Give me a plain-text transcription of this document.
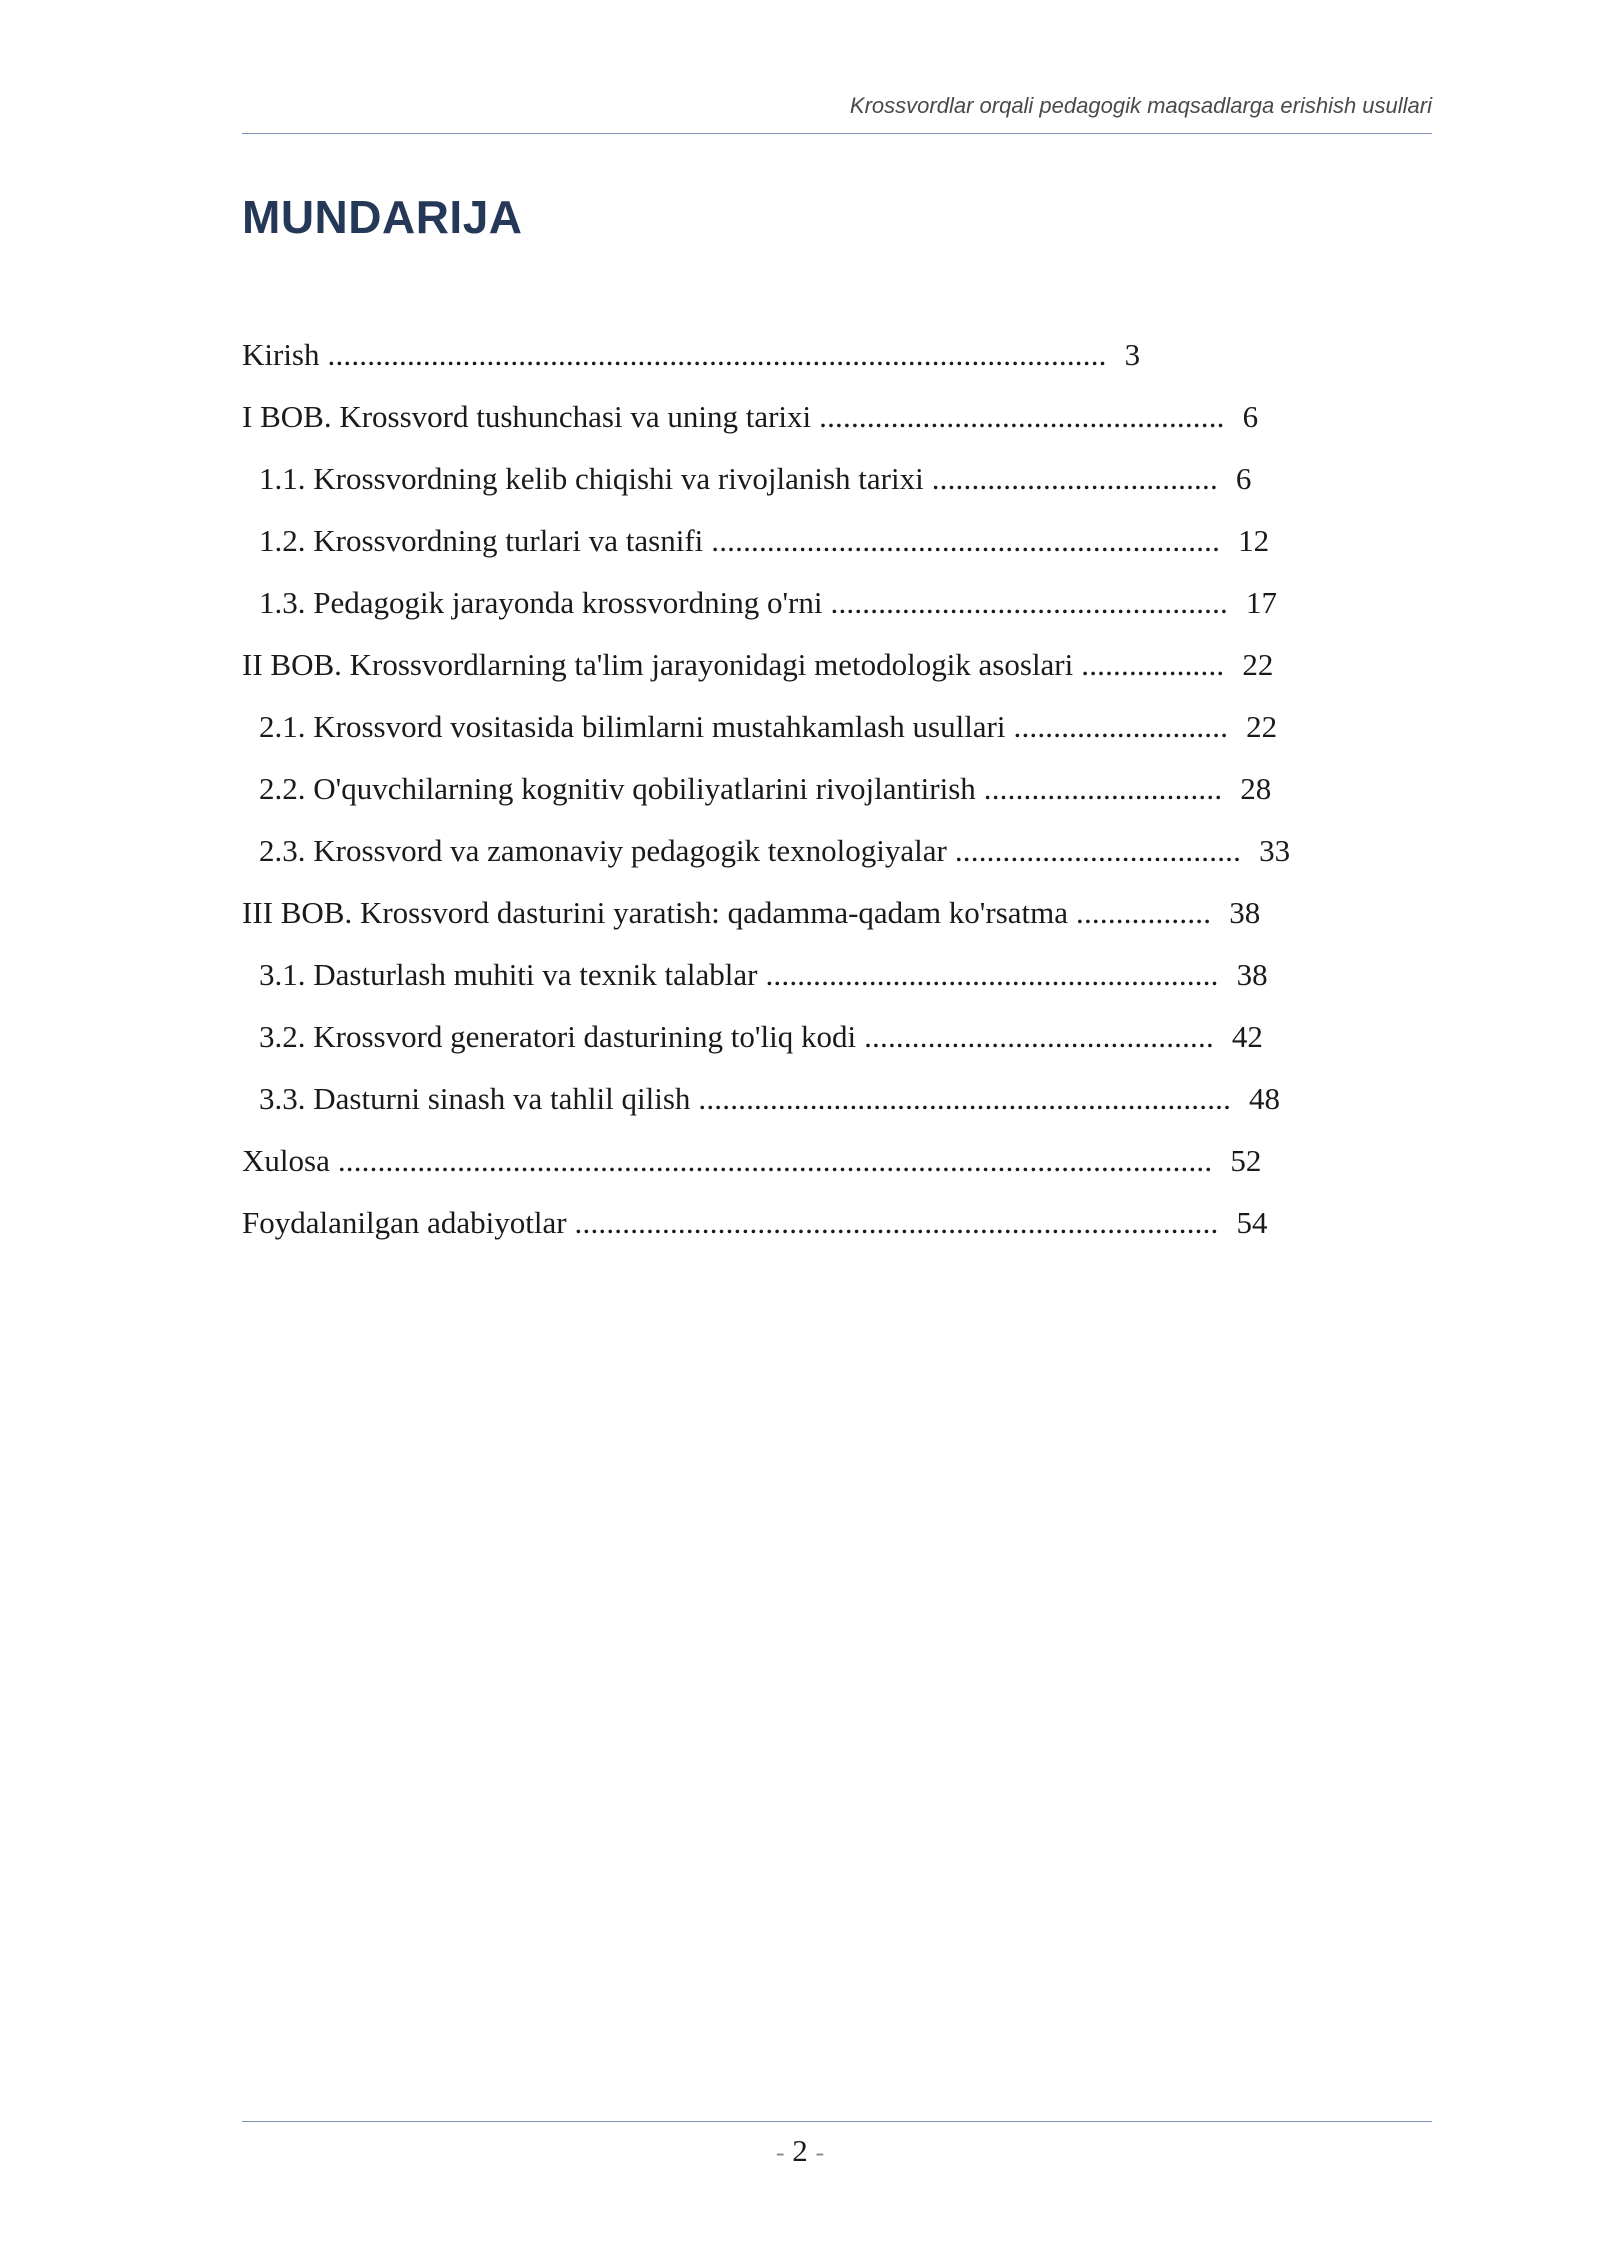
Krossvordlar orqali pedagogik maqsadlarga erishish usullari
MUNDARIJA
Kirish .................................................................................................. 3
I BOB. Krossvord tushunchasi va uning tarixi ................................................... 6
1.1. Krossvordning kelib chiqishi va rivojlanish tarixi .................................... 6
1.2. Krossvordning turlari va tasnifi ................................................................ 12
1.3. Pedagogik jarayonda krossvordning o'rni .................................................. 17
II BOB. Krossvordlarning ta'lim jarayonidagi metodologik asoslari .................. 22
2.1. Krossvord vositasida bilimlarni mustahkamlash usullari ........................... 22
2.2. O'quvchilarning kognitiv qobiliyatlarini rivojlantirish .............................. 28
2.3. Krossvord va zamonaviy pedagogik texnologiyalar .................................... 33
III BOB. Krossvord dasturini yaratish: qadamma-qadam ko'rsatma ................. 38
3.1. Dasturlash muhiti va texnik talablar ......................................................... 38
3.2. Krossvord generatori dasturining to'liq kodi ............................................ 42
3.3. Dasturni sinash va tahlil qilish ................................................................... 48
Xulosa .............................................................................................................. 52
Foydalanilgan adabiyotlar ................................................................................. 54
- 2 -
